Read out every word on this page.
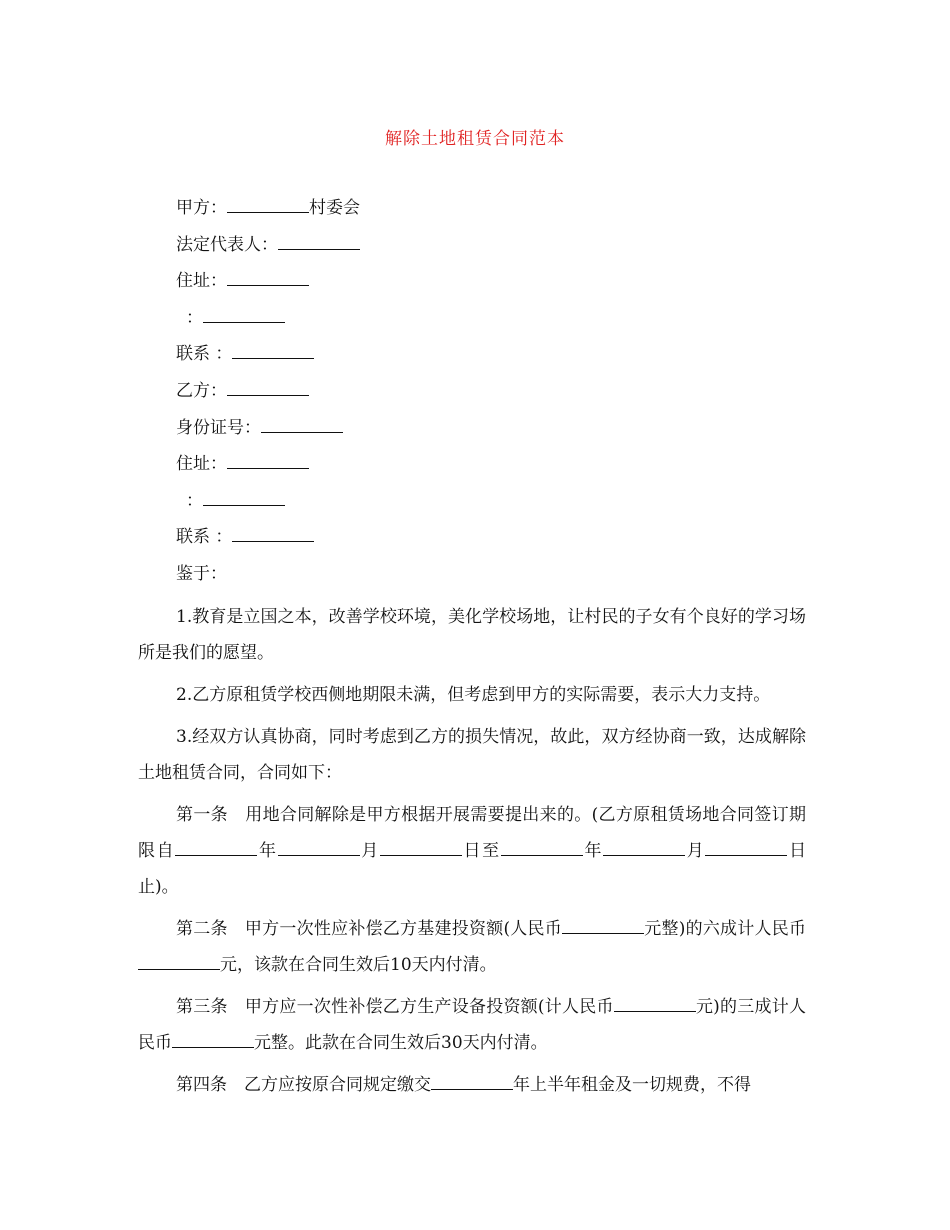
解除土地租赁合同范本
甲方：	村委会
法定代表人：
住址：
：
联系 ：
乙方：
身份证号：
住址：
：
联系 ：
鉴于：
1.教育是立国之本，改善学校环境，美化学校场地，让村民的子女有个良好的学习场所是我们的愿望。
2.乙方原租赁学校西侧地期限未满，但考虑到甲方的实际需要，表示大力支持。
3.经双方认真协商，同时考虑到乙方的损失情况，故此，双方经协商一致，达成解除土地租赁合同，合同如下：
第一条　用地合同解除是甲方根据开展需要提出来的。(乙方原租赁场地合同签订期限自	年	月	日至	年	月	日止)。
第二条　甲方一次性应补偿乙方基建投资额(人民币	元整)的六成计人民币元，该款在合同生效后10天内付清。
第三条　甲方应一次性补偿乙方生产设备投资额(计人民币	元)的三成计人民币	元整。此款在合同生效后30天内付清。
第四条　乙方应按原合同规定缴交	年上半年租金及一切规费，不得
